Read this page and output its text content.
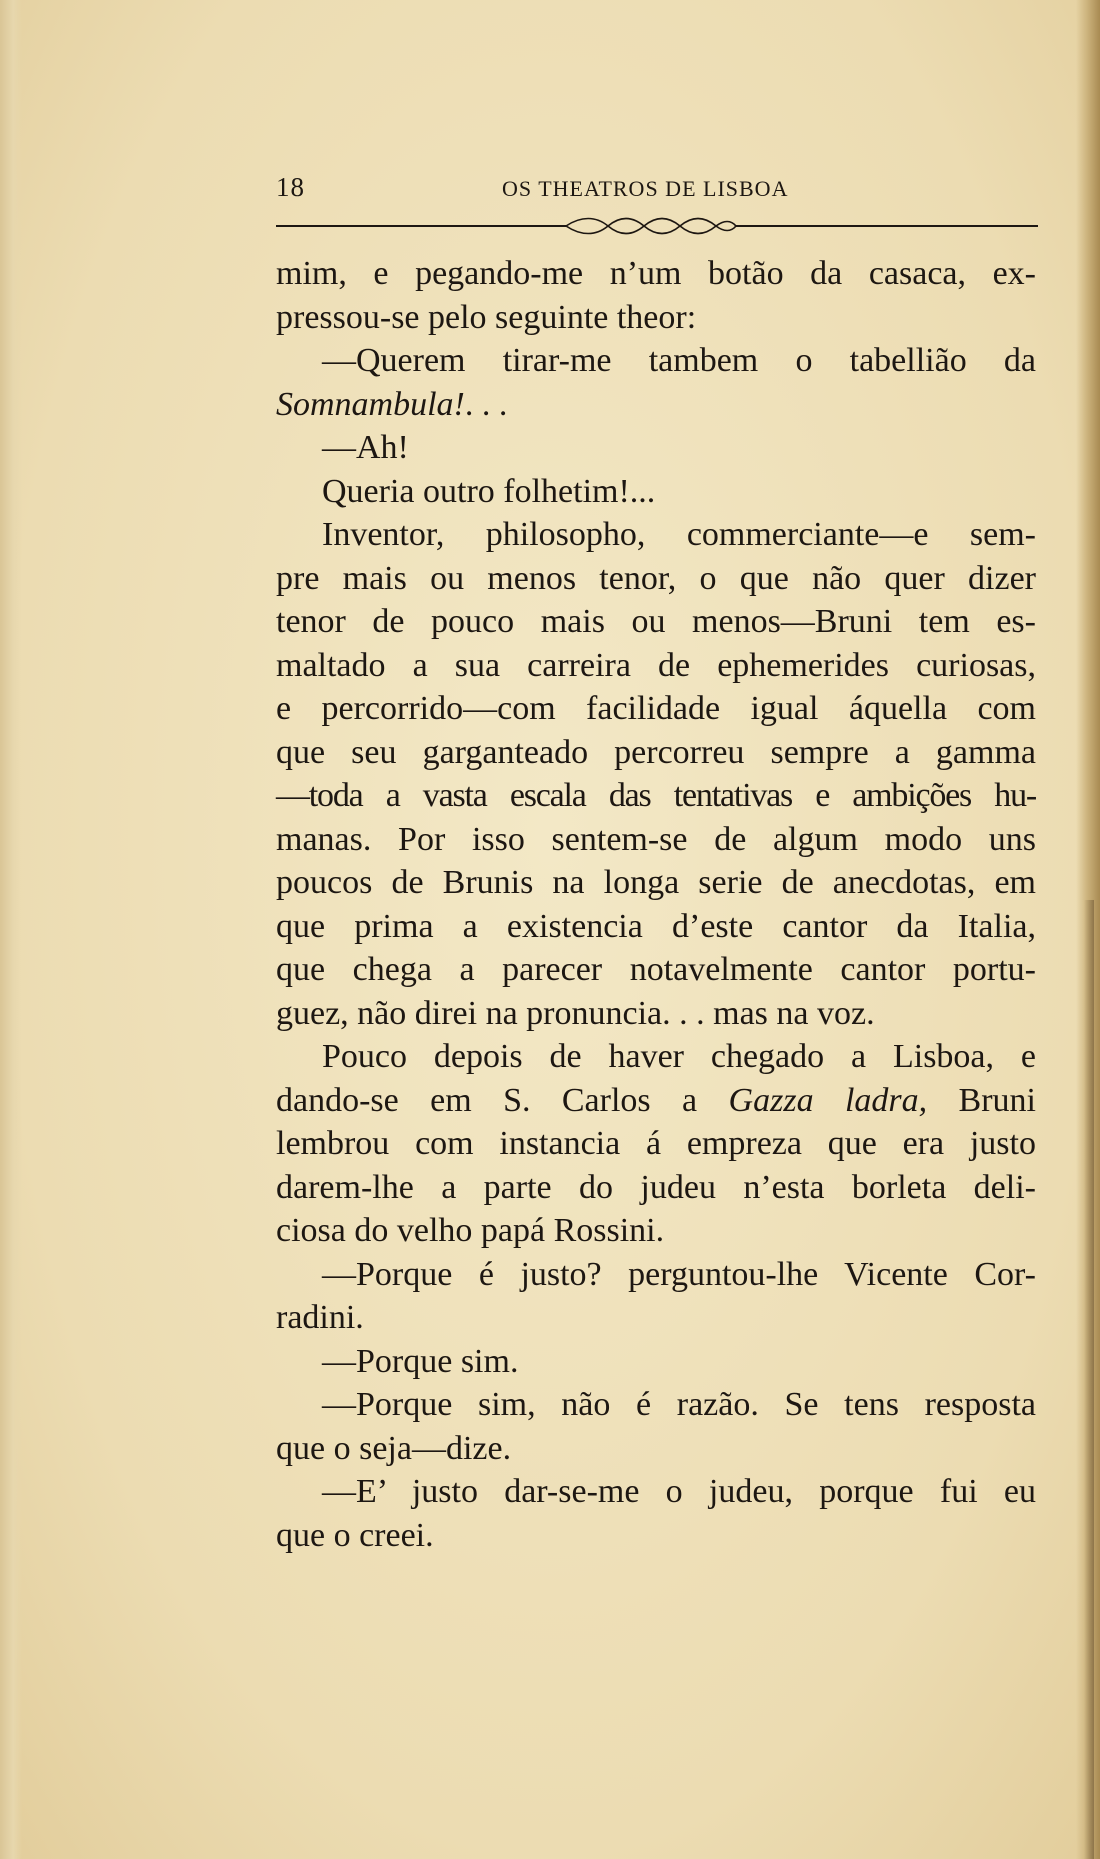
18	OS THEATROS DE LISBOA

mim, e pegando-me n’um botão da casaca, ex-

pressou-se pelo seguinte theor:

—Querem tirar-me tambem o tabellião da

Somnambula!. . .

—Ah!

Queria outro folhetim!...

Inventor, philosopho, commerciante—e sem-

pre mais ou menos tenor, o que não quer dizer

tenor de pouco mais ou menos—Bruni tem es-

maltado a sua carreira de ephemerides curiosas,

e percorrido—com facilidade igual áquella com

que seu garganteado percorreu sempre a gamma

—toda a vasta escala das tentativas e ambições hu-

manas. Por isso sentem-se de algum modo uns

poucos de Brunis na longa serie de anecdotas, em

que prima a existencia d’este cantor da Italia,

que chega a parecer notavelmente cantor portu-

guez, não direi na pronuncia. . . mas na voz.

Pouco depois de haver chegado a Lisboa, e

dando-se em S. Carlos a Gazza ladra, Bruni

lembrou com instancia á empreza que era justo

darem-lhe a parte do judeu n’esta borleta deli-

ciosa do velho papá Rossini.

—Porque é justo? perguntou-lhe Vicente Cor-

radini.

—Porque sim.

—Porque sim, não é razão. Se tens resposta

que o seja—dize.

—E’ justo dar-se-me o judeu, porque fui eu

que o creei.
